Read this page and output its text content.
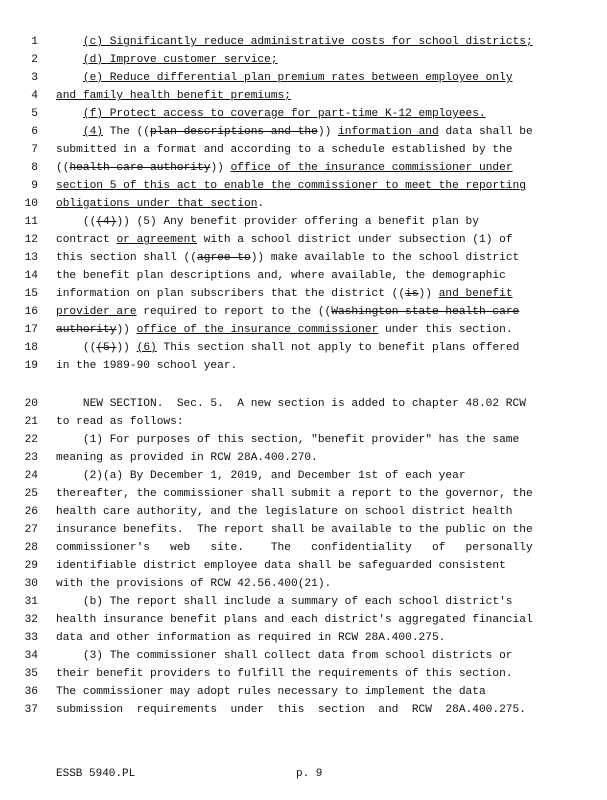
1	(c) Significantly reduce administrative costs for school districts;
2	(d) Improve customer service;
3	(e) Reduce differential plan premium rates between employee only
4 and family health benefit premiums;
5	(f) Protect access to coverage for part-time K-12 employees.
6	(4) The ((plan descriptions and the)) information and data shall be
7 submitted in a format and according to a schedule established by the
8 ((health care authority)) office of the insurance commissioner under
9 section 5 of this act to enable the commissioner to meet the reporting
10 obligations under that section.
11 (((4))) (5) Any benefit provider offering a benefit plan by
12 contract or agreement with a school district under subsection (1) of
13 this section shall ((agree to)) make available to the school district
14 the benefit plan descriptions and, where available, the demographic
15 information on plan subscribers that the district ((is)) and benefit
16 provider are required to report to the ((Washington state health care
17 authority)) office of the insurance commissioner under this section.
18 (((5))) (6) This section shall not apply to benefit plans offered
19 in the 1989-90 school year.
20 NEW SECTION.  Sec. 5.  A new section is added to chapter 48.02 RCW
21 to read as follows:
22 (1) For purposes of this section, "benefit provider" has the same
23 meaning as provided in RCW 28A.400.270.
24 (2)(a) By December 1, 2019, and December 1st of each year
25 thereafter, the commissioner shall submit a report to the governor, the
26 health care authority, and the legislature on school district health
27 insurance benefits.  The report shall be available to the public on the
28 commissioner's   web   site.    The   confidentiality   of   personally
29 identifiable district employee data shall be safeguarded consistent
30 with the provisions of RCW 42.56.400(21).
31 (b) The report shall include a summary of each school district's
32 health insurance benefit plans and each district's aggregated financial
33 data and other information as required in RCW 28A.400.275.
34 (3) The commissioner shall collect data from school districts or
35 their benefit providers to fulfill the requirements of this section.
36 The commissioner may adopt rules necessary to implement the data
37 submission  requirements  under  this  section  and  RCW  28A.400.275.
ESSB 5940.PL	p. 9
